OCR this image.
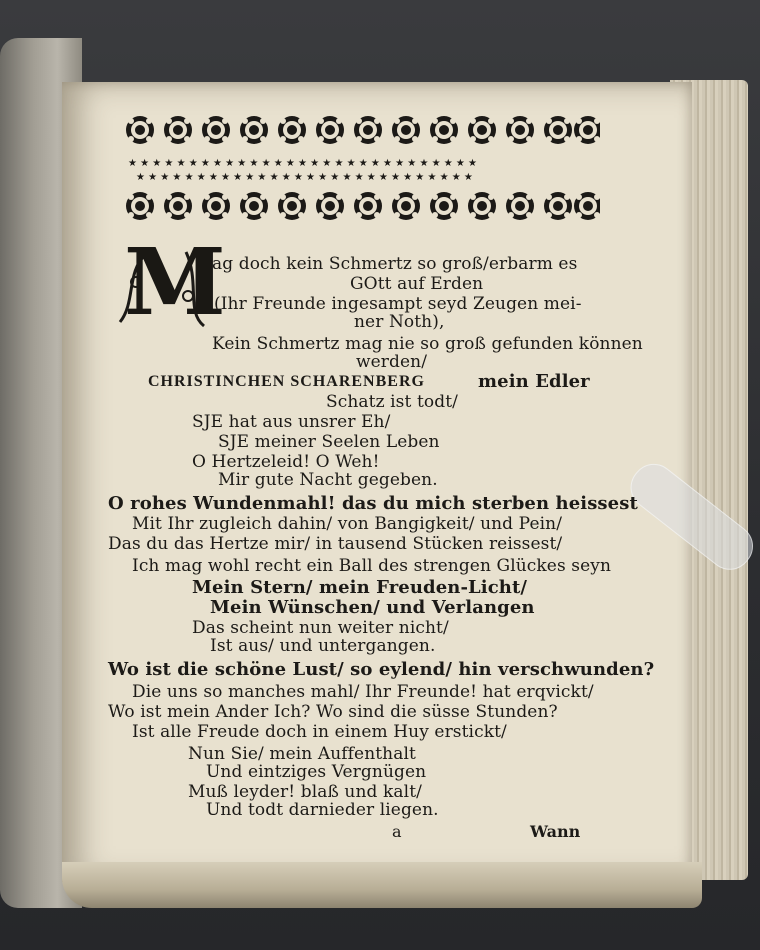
★ ★ ★ ★ ★ ★ ★ ★ ★ ★ ★ ★ ★ ★ ★ ★ ★ ★ ★ ★ ★ ★ ★ ★ ★ ★ ★ ★ ★
★ ★ ★ ★ ★ ★ ★ ★ ★ ★ ★ ★ ★ ★ ★ ★ ★ ★ ★ ★ ★ ★ ★ ★ ★ ★ ★ ★
M
ag doch kein Schmertz so groß/erbarm es
GOtt auf Erden
(Ihr Freunde ingesampt seyd Zeugen mei-
ner Noth),
Kein Schmertz mag nie so groß gefunden können
werden/
CHRISTINCHEN SCHARENBERG	mein Edler
Schatz ist todt/
SJE hat aus unsrer Eh/
SJE meiner Seelen Leben
O Hertzeleid! O Weh!
Mir gute Nacht gegeben.
O rohes Wundenmahl! das du mich sterben heissest
Mit Ihr zugleich dahin/ von Bangigkeit/ und Pein/
Das du das Hertze mir/ in tausend Stücken reissest/
Ich mag wohl recht ein Ball des strengen Glückes seyn
Mein Stern/ mein Freuden-Licht/
Mein Wünschen/ und Verlangen
Das scheint nun weiter nicht/
Ist aus/ und untergangen.
Wo ist die schöne Lust/ so eylend/ hin verschwunden?
Die uns so manches mahl/ Ihr Freunde! hat erqvickt/
Wo ist mein Ander Ich? Wo sind die süsse Stunden?
Ist alle Freude doch in einem Huy erstickt/
Nun Sie/ mein Auffenthalt
Und eintziges Vergnügen
Muß leyder! blaß und kalt/
Und todt darnieder liegen.
a	Wann
